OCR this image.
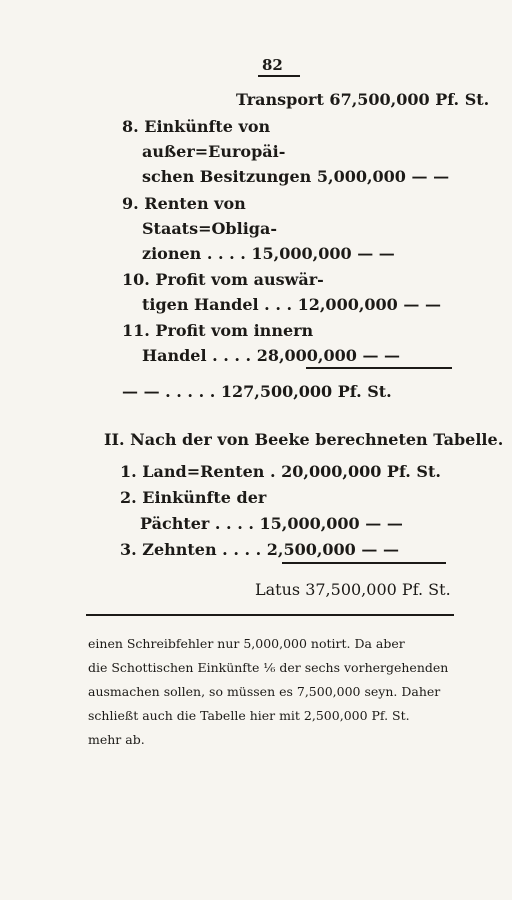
82
Transport 67,500,000 Pf. St.
8. Einkünfte von
außer=Europäi-
schen Besitzungen 5,000,000 — —
9. Renten von
Staats=Obliga-
zionen . . . . 15,000,000 — —
10. Profit vom auswär-
tigen Handel . . . 12,000,000 — —
11. Profit vom innern
Handel . . . . 28,000,000 — —
— — . . . . . 127,500,000 Pf. St.
II. Nach der von Beeke berechneten Tabelle.
1. Land=Renten . 20,000,000 Pf. St.
2. Einkünfte der
Pächter . . . . 15,000,000 — —
3. Zehnten . . . . 2,500,000 — —
Latus 37,500,000 Pf. St.
einen Schreibfehler nur 5,000,000 notirt. Da aber
die Schottischen Einkünfte ⅙ der sechs vorhergehenden
ausmachen sollen, so müssen es 7,500,000 seyn. Daher
schließt auch die Tabelle hier mit 2,500,000 Pf. St.
mehr ab.
